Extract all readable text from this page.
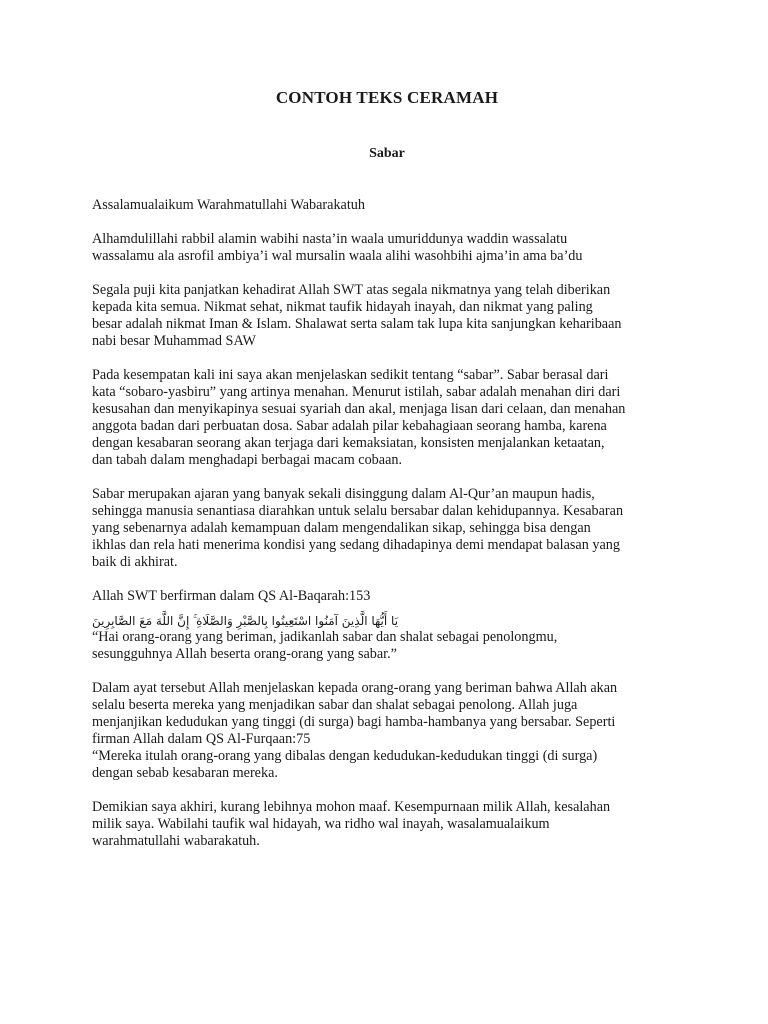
CONTOH TEKS CERAMAH
Sabar

Assalamualaikum Warahmatullahi Wabarakatuh

Alhamdulillahi rabbil alamin wabihi nasta’in waala umuriddunya waddin wassalatu
wassalamu ala asrofil ambiya’i wal mursalin waala alihi wasohbihi ajma’in ama ba’du

Segala puji kita panjatkan kehadirat Allah SWT atas segala nikmatnya yang telah diberikan
kepada kita semua. Nikmat sehat, nikmat taufik hidayah inayah, dan nikmat yang paling
besar adalah nikmat Iman & Islam. Shalawat serta salam tak lupa kita sanjungkan keharibaan
nabi besar Muhammad SAW

Pada kesempatan kali ini saya akan menjelaskan sedikit tentang “sabar”. Sabar berasal dari
kata “sobaro-yasbiru” yang artinya menahan. Menurut istilah, sabar adalah menahan diri dari
kesusahan dan menyikapinya sesuai syariah dan akal, menjaga lisan dari celaan, dan menahan
anggota badan dari perbuatan dosa. Sabar adalah pilar kebahagiaan seorang hamba, karena
dengan kesabaran seorang akan terjaga dari kemaksiatan, konsisten menjalankan ketaatan,
dan tabah dalam menghadapi berbagai macam cobaan.

Sabar merupakan ajaran yang banyak sekali disinggung dalam Al-Qur’an maupun hadis,
sehingga manusia senantiasa diarahkan untuk selalu bersabar dalan kehidupannya. Kesabaran
yang sebenarnya adalah kemampuan dalam mengendalikan sikap, sehingga bisa dengan
ikhlas dan rela hati menerima kondisi yang sedang dihadapinya demi mendapat balasan yang
baik di akhirat.

Allah SWT berfirman dalam QS Al-Baqarah:153

يَا أَيُّهَا الَّذِينَ آمَنُوا اسْتَعِينُوا بِالصَّبْرِ وَالصَّلَاةِ ۚ إِنَّ اللَّهَ مَعَ الصَّابِرِينَ

“Hai orang-orang yang beriman, jadikanlah sabar dan shalat sebagai penolongmu,
sesungguhnya Allah beserta orang-orang yang sabar.”

Dalam ayat tersebut Allah menjelaskan kepada orang-orang yang beriman bahwa Allah akan
selalu beserta mereka yang menjadikan sabar dan shalat sebagai penolong. Allah juga
menjanjikan kedudukan yang tinggi (di surga) bagi hamba-hambanya yang bersabar. Seperti
firman Allah dalam QS Al-Furqaan:75
“Mereka itulah orang-orang yang dibalas dengan kedudukan-kedudukan tinggi (di surga)
dengan sebab kesabaran mereka.

Demikian saya akhiri, kurang lebihnya mohon maaf. Kesempurnaan milik Allah, kesalahan
milik saya. Wabilahi taufik wal hidayah, wa ridho wal inayah, wasalamualaikum
warahmatullahi wabarakatuh.
